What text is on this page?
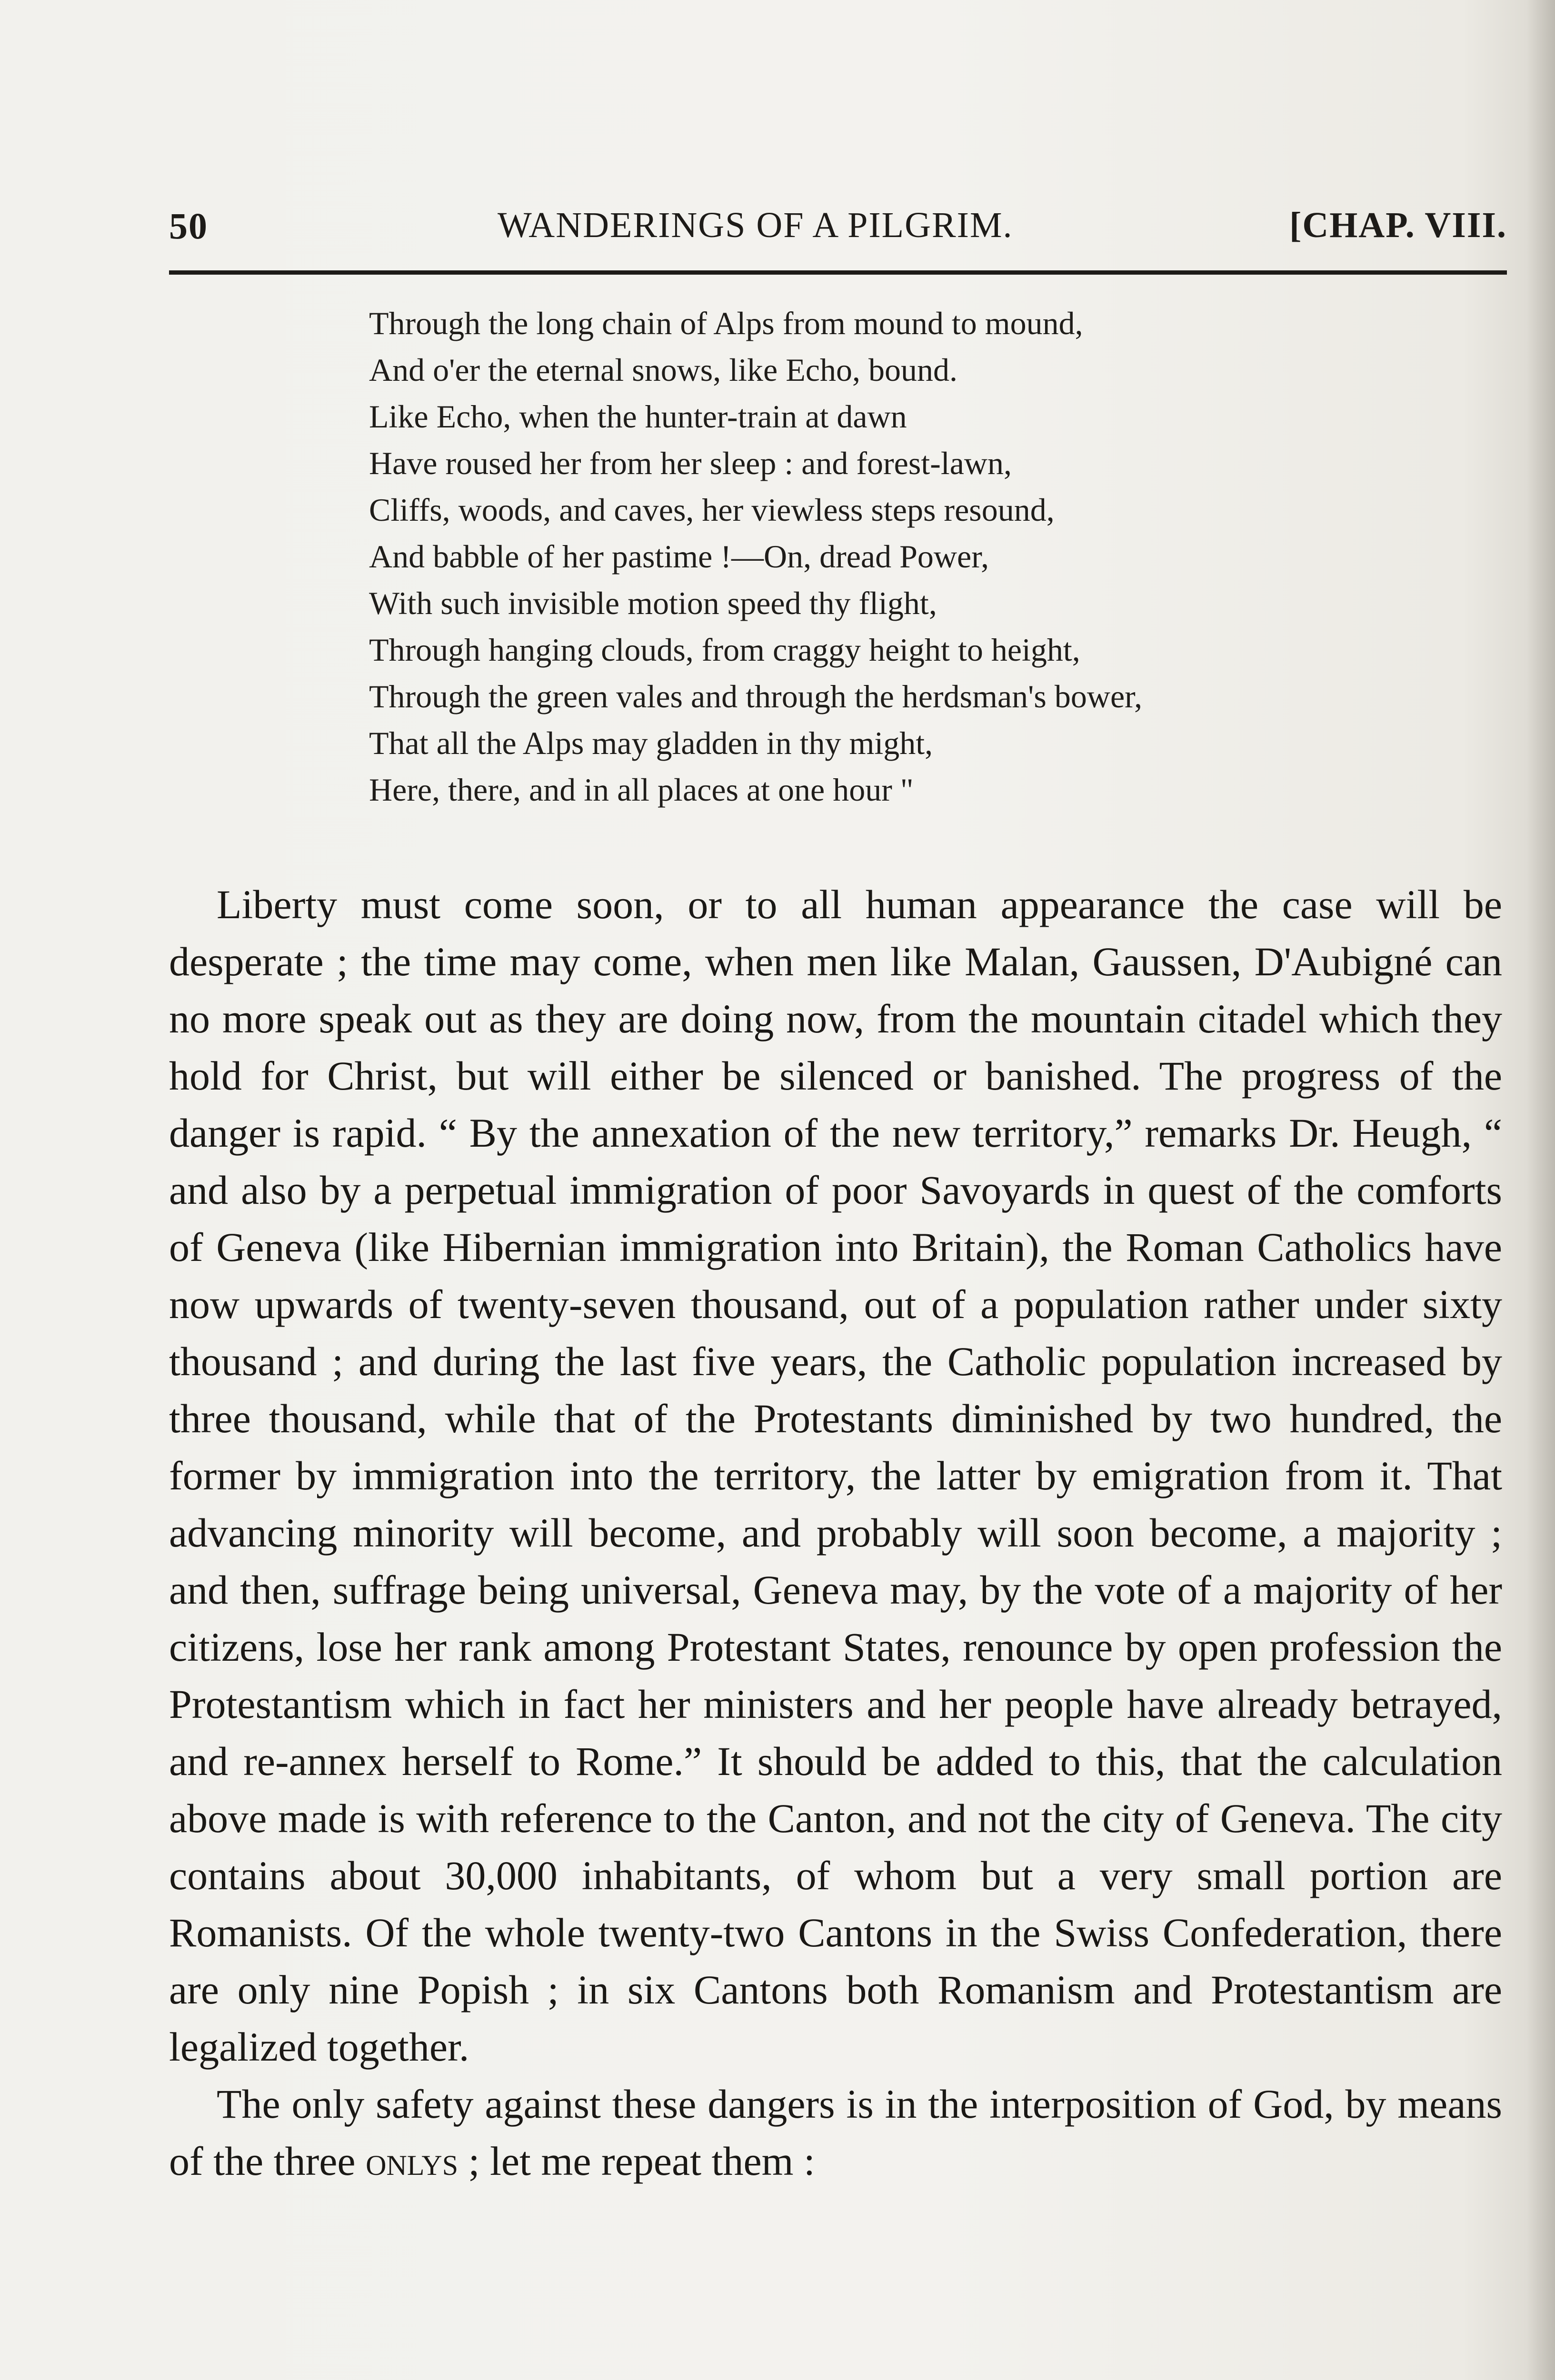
50	WANDERINGS OF A PILGRIM.	[CHAP. VIII.
Through the long chain of Alps from mound to mound,
And o'er the eternal snows, like Echo, bound.
Like Echo, when the hunter-train at dawn
Have roused her from her sleep : and forest-lawn,
Cliffs, woods, and caves, her viewless steps resound,
And babble of her pastime !—On, dread Power,
With such invisible motion speed thy flight,
Through hanging clouds, from craggy height to height,
Through the green vales and through the herdsman's bower,
That all the Alps may gladden in thy might,
Here, there, and in all places at one hour "

Liberty must come soon, or to all human appearance the case will be desperate ; the time may come, when men like Malan, Gaussen, D'Aubigné can no more speak out as they are doing now, from the mountain citadel which they hold for Christ, but will either be silenced or banished. The progress of the danger is rapid. “ By the annexation of the new territory,” remarks Dr. Heugh, “ and also by a perpetual immigration of poor Savoyards in quest of the comforts of Geneva (like Hibernian immigration into Britain), the Roman Catholics have now upwards of twenty-seven thousand, out of a population rather under sixty thousand ; and during the last five years, the Catholic population increased by three thousand, while that of the Protestants diminished by two hundred, the former by immigration into the territory, the latter by emigration from it. That advancing minority will become, and probably will soon become, a majority ; and then, suffrage being universal, Geneva may, by the vote of a majority of her citizens, lose her rank among Protestant States, renounce by open profession the Protestantism which in fact her ministers and her people have already betrayed, and re-annex herself to Rome.” It should be added to this, that the calculation above made is with reference to the Canton, and not the city of Geneva. The city contains about 30,000 inhabitants, of whom but a very small portion are Romanists. Of the whole twenty-two Cantons in the Swiss Confederation, there are only nine Popish ; in six Cantons both Romanism and Protestantism are legalized together.

The only safety against these dangers is in the interposition of God, by means of the three onlys ; let me repeat them :
